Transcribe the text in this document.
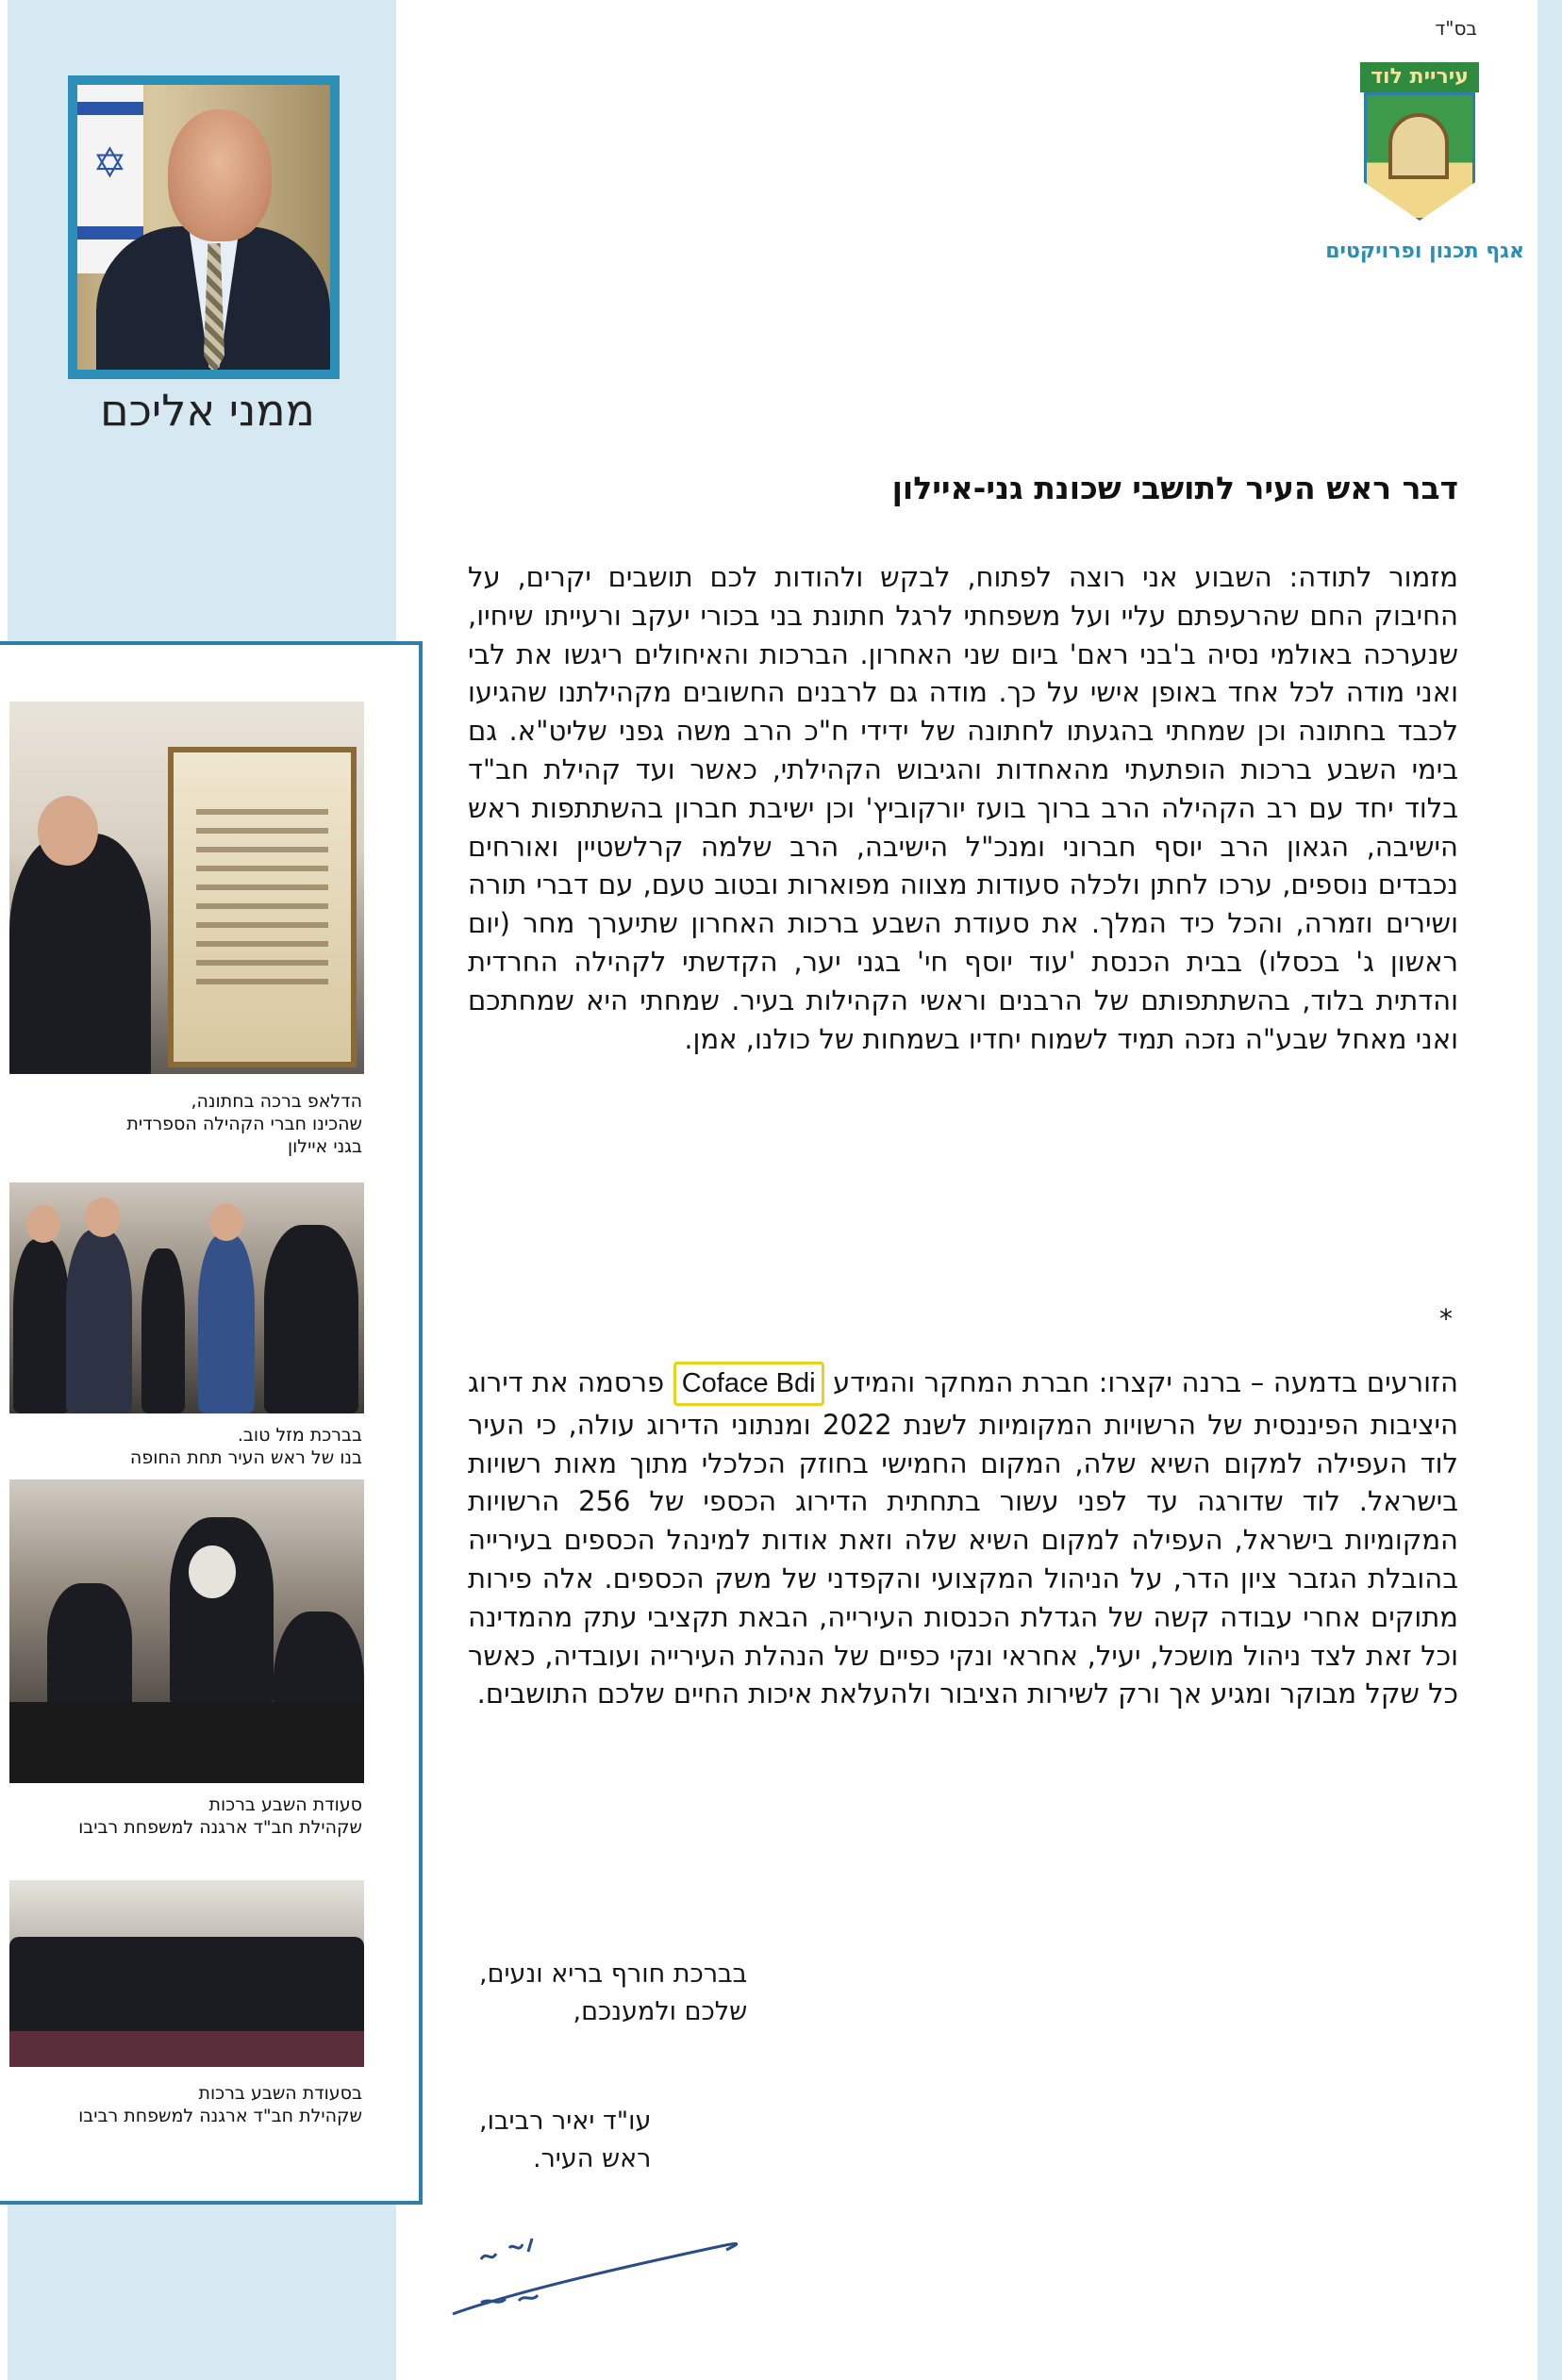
✡
ממני אליכם
הדלאפ ברכה בחתונה,
שהכינו חברי הקהילה הספרדית
בגני איילון
בברכת מזל טוב.
בנו של ראש העיר תחת החופה
סעודת השבע ברכות
שקהילת חב"ד ארגנה למשפחת רביבו
בסעודת השבע ברכות
שקהילת חב"ד ארגנה למשפחת רביבו
בס"ד
עיריית לוד
אגף תכנון ופרויקטים
דבר ראש העיר לתושבי שכונת גני-איילון
מזמור לתודה: השבוע אני רוצה לפתוח, לבקש ולהודות לכם תושבים יקרים, על החיבוק החם שהרעפתם עליי ועל משפחתי לרגל חתונת בני בכורי יעקב ורעייתו שיחיו, שנערכה באולמי נסיה ב'בני ראם' ביום שני האחרון. הברכות והאיחולים ריגשו את לבי ואני מודה לכל אחד באופן אישי על כך. מודה גם לרבנים החשובים מקהילתנו שהגיעו לכבד בחתונה וכן שמחתי בהגעתו לחתונה של ידידי ח"כ הרב משה גפני שליט"א. גם בימי השבע ברכות הופתעתי מהאחדות והגיבוש הקהילתי, כאשר ועד קהילת חב"ד בלוד יחד עם רב הקהילה הרב ברוך בועז יורקוביץ' וכן ישיבת חברון בהשתתפות ראש הישיבה, הגאון הרב יוסף חברוני ומנכ"ל הישיבה, הרב שלמה קרלשטיין ואורחים נכבדים נוספים, ערכו לחתן ולכלה סעודות מצווה מפוארות ובטוב טעם, עם דברי תורה ושירים וזמרה, והכל כיד המלך. את סעודת השבע ברכות האחרון שתיערך מחר (יום ראשון ג' בכסלו) בבית הכנסת 'עוד יוסף חי' בגני יער, הקדשתי לקהילה החרדית והדתית בלוד, בהשתתפותם של הרבנים וראשי הקהילות בעיר. שמחתי היא שמחתכם ואני מאחל שבע"ה נזכה תמיד לשמוח יחדיו בשמחות של כולנו, אמן.
*
הזורעים בדמעה – ברנה יקצרו: חברת המחקר והמידע Coface Bdi פרסמה את דירוג היציבות הפיננסית של הרשויות המקומיות לשנת 2022 ומנתוני הדירוג עולה, כי העיר לוד העפילה למקום השיא שלה, המקום החמישי בחוזק הכלכלי מתוך מאות רשויות בישראל. לוד שדורגה עד לפני עשור בתחתית הדירוג הכספי של 256 הרשויות המקומיות בישראל, העפילה למקום השיא שלה וזאת אודות למינהל הכספים בעירייה בהובלת הגזבר ציון הדר, על הניהול המקצועי והקפדני של משק הכספים. אלה פירות מתוקים אחרי עבודה קשה של הגדלת הכנסות העירייה, הבאת תקציבי עתק מהמדינה וכל זאת לצד ניהול מושכל, יעיל, אחראי ונקי כפיים של הנהלת העירייה ועובדיה, כאשר כל שקל מבוקר ומגיע אך ורק לשירות הציבור ולהעלאת איכות החיים שלכם התושבים.
בברכת חורף בריא ונעים,
שלכם ולמענכם,
עו"ד יאיר רביבו,
ראש העיר.
